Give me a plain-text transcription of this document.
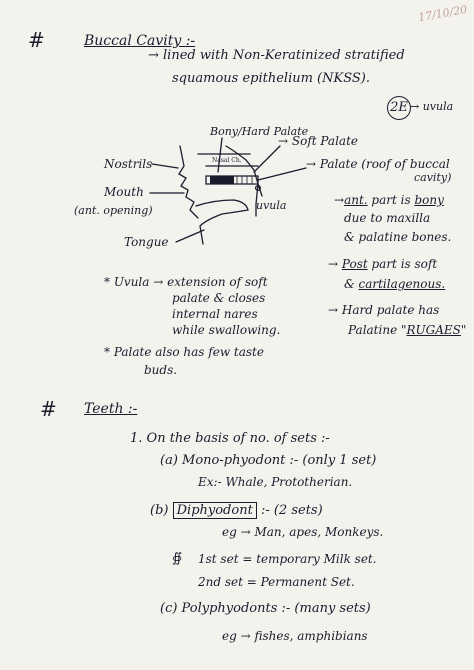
17/10/20
#	Buccal Cavity :-
→ lined with Non-Keratinized stratified
squamous epithelium (NKSS).
2E → uvula
Bony/Hard Palate
→ Soft Palate
Nasal Ch.
Nostrils	→ Palate (roof of buccal
cavity)
Mouth
(ant. opening)	uvula
Tongue
→ant. part is bony
due to maxilla
& palatine bones.
→ Post part is soft
& cartilagenous.
→ Hard palate has
Palatine "RUGAES"
* Uvula → extension of soft
palate & closes
internal nares
while swallowing.
* Palate also has few taste
buds.
# Teeth :-
1. On the basis of no. of sets :-
(a) Mono-phyodont :- (only 1 set)
Ex:- Whale, Prototherian.
(b) Diphyodont :- (2 sets)
eg → Man, apes, Monkeys.
∯ 1st set = temporary Milk set.
2nd set = Permanent Set.
(c) Polyphyodonts :- (many sets)
eg → fishes, amphibians
